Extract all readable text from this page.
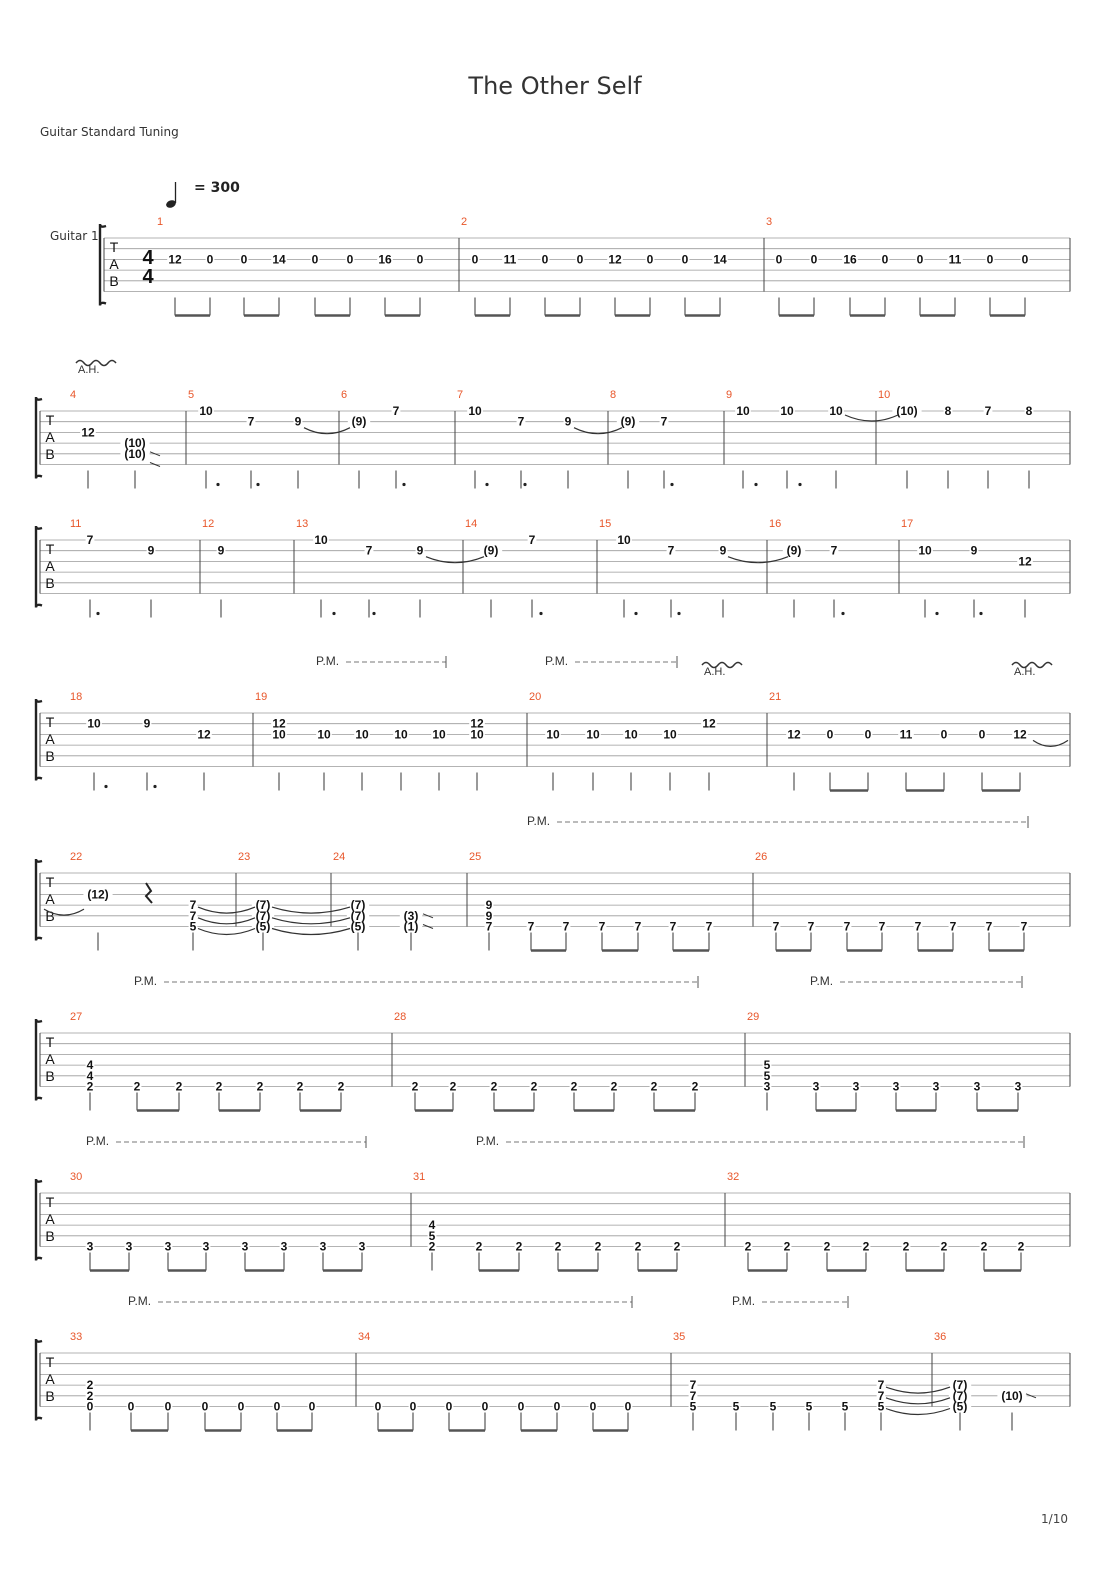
The Other Self
Guitar Standard Tuning
= 300
Guitar 1
1/10
T
A
B
4
4
1
12 0 0 14 0 0 16 0
2
0 11 0 0 12 0 0 14
3
0 0 16 0 0 11 0 0
T
A
B
4
12
(10)
(10)
5
10
7	9
6
(9)
7
7
10
7	9
8
(9) 7
9
10	10	10
10
(10) 8	7	8
T
A
B
11
7
9
12
9
13
10
7	9
14
(9)
7
15
10
7	9
16
(9) 7
17
10	9
12
T
A
B
18
10	9
12
19
12
10	10 10 10 10
12
10
20
10 10 10 10
12
21
12 0	0 11 0	0 12
T
A
B
22
(12)
23
7
7
5
(7)
(7)
(5)
24
(7)
(7)
(5)
(3)
(1)
25
9
9
7	7 7 7 7 7 7
26
7 7 7 7 7 7 7 7
T
A
B
27
4
4
2	2	2	2	2	2	2
28
2	2	2	2	2	2	2	2
29
5
5
3	3	3	3	3	3	3
T
A
B
30
3	3	3	3	3	3	3	3
31
4
5
2	2	2	2	2	2	2
32
2	2	2	2	2	2	2	2
T
A
B
33
2
2
0	0	0	0 0 0 0
34
0 0 0 0 0 0 0 0
35
7
7
5	5	5 5 5
7
7
5
36
(7)
(7)
(5)
(10)
P.M.	P.M.
P.M.
P.M.	P.M.
P.M.	P.M.
P.M.	P.M.
A.H.
A.H.	A.H.
